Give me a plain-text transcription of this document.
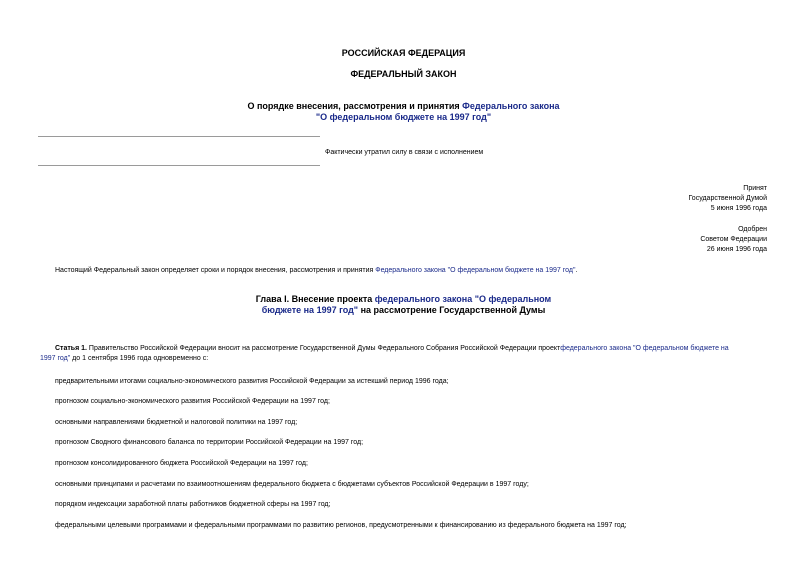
РОССИЙСКАЯ ФЕДЕРАЦИЯ
ФЕДЕРАЛЬНЫЙ ЗАКОН
О порядке внесения, рассмотрения и принятия Федерального закона
"О федеральном бюджете на 1997 год"
Фактически утратил силу в связи с исполнением
Принят
Государственной Думой
5 июня 1996 года
Одобрен
Советом Федерации
26 июня 1996 года
Настоящий Федеральный закон определяет сроки и порядок внесения, рассмотрения и принятия Федерального закона "О федеральном бюджете на 1997 год".
Глава I. Внесение проекта федерального закона "О федеральном
бюджете на 1997 год" на рассмотрение Государственной Думы
Статья 1. Правительство Российской Федерации вносит на рассмотрение Государственной Думы Федерального Собрания Российской Федерации проектфедерального закона "О федеральном бюджете на
1997 год" до 1 сентября 1996 года одновременно с:
предварительными итогами социально-экономического развития Российской Федерации за истекший период 1996 года;
прогнозом социально-экономического развития Российской Федерации на 1997 год;
основными направлениями бюджетной и налоговой политики на 1997 год;
прогнозом Сводного финансового баланса по территории Российской Федерации на 1997 год;
прогнозом консолидированного бюджета Российской Федерации на 1997 год;
основными принципами и расчетами по взаимоотношениям федерального бюджета с бюджетами субъектов Российской Федерации в 1997 году;
порядком индексации заработной платы работников бюджетной сферы на 1997 год;
федеральными целевыми программами и федеральными программами по развитию регионов, предусмотренными к финансированию из федерального бюджета на 1997 год;
